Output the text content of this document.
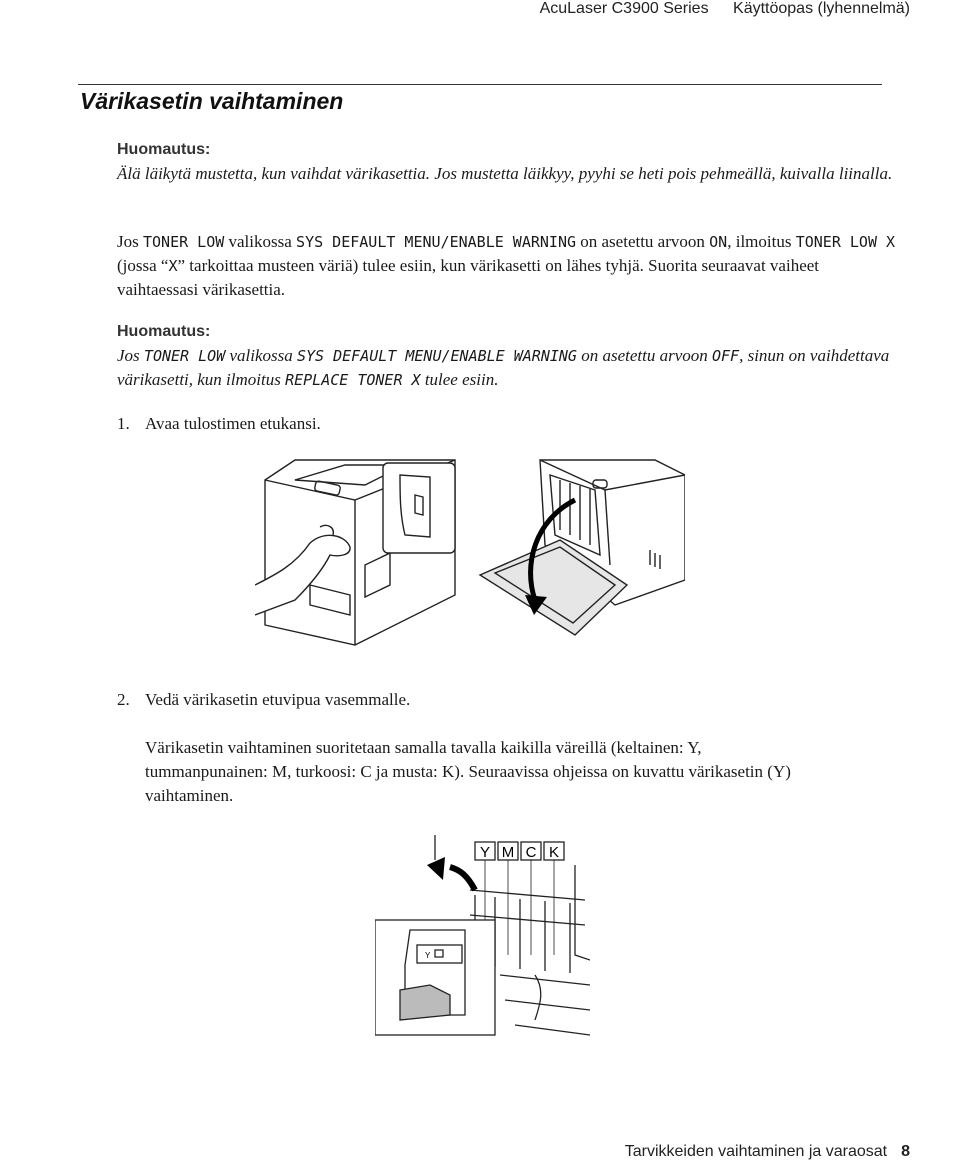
AcuLaser C3900 Series Käyttöopas (lyhennelmä)
Värikasetin vaihtaminen
Huomautus:
Älä läikytä mustetta, kun vaihdat värikasettia. Jos mustetta läikkyy, pyyhi se heti pois pehmeällä, kuivalla liinalla.
Jos TONER LOW valikossa SYS DEFAULT MENU/ENABLE WARNING on asetettu arvoon ON, ilmoitus TONER LOW X (jossa “X” tarkoittaa musteen väriä) tulee esiin, kun värikasetti on lähes tyhjä. Suorita seuraavat vaiheet vaihtaessasi värikasettia.
Huomautus:
Jos TONER LOW valikossa SYS DEFAULT MENU/ENABLE WARNING on asetettu arvoon OFF, sinun on vaihdettava värikasetti, kun ilmoitus REPLACE TONER X tulee esiin.
1. Avaa tulostimen etukansi.
2. Vedä värikasetin etuvipua vasemmalle.
Värikasetin vaihtaminen suoritetaan samalla tavalla kaikilla väreillä (keltainen: Y, tummanpunainen: M, turkoosi: C ja musta: K). Seuraavissa ohjeissa on kuvattu värikasetin (Y) vaihtaminen.
Y M C K
Y
Tarvikkeiden vaihtaminen ja varaosat 8
